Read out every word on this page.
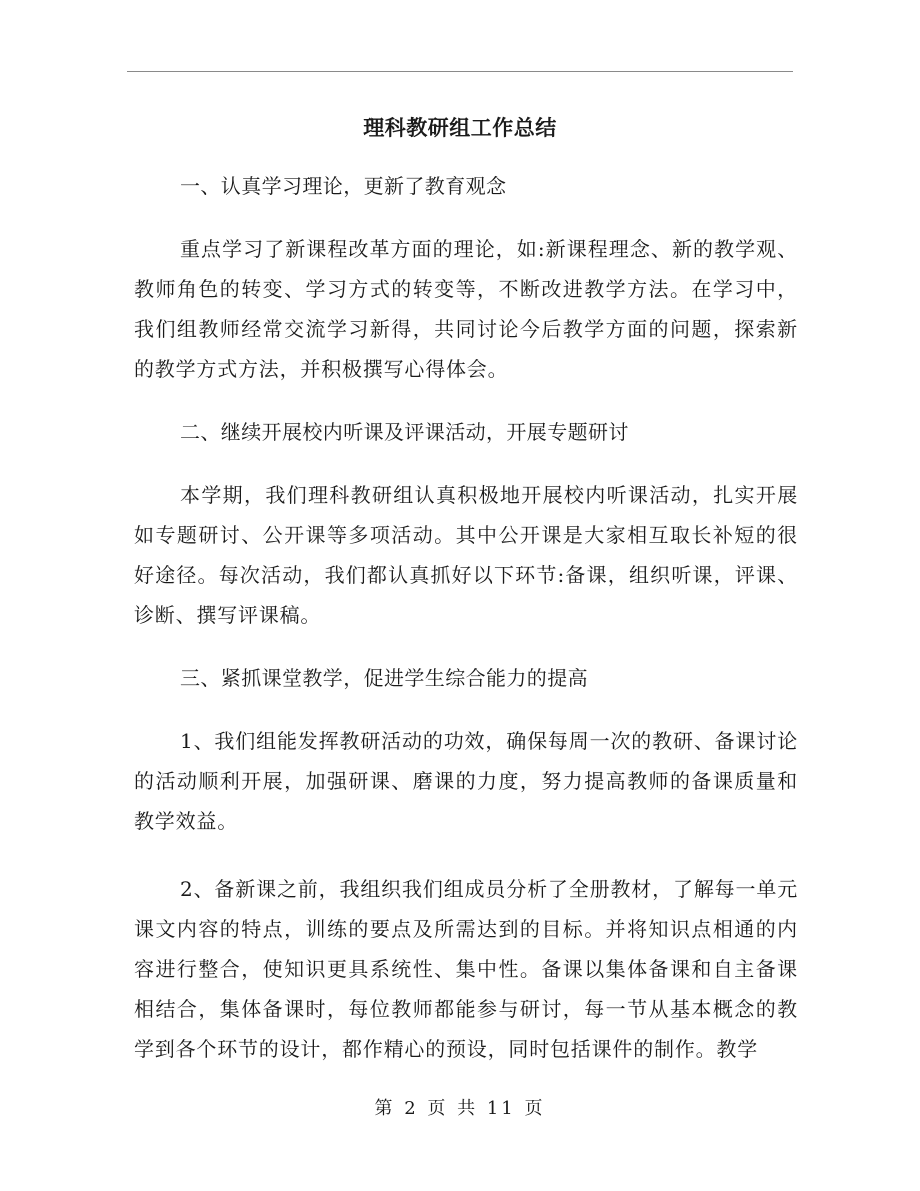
理科教研组工作总结

一、认真学习理论，更新了教育观念

重点学习了新课程改革方面的理论，如:新课程理念、新的教学观、教师角色的转变、学习方式的转变等，不断改进教学方法。在学习中，我们组教师经常交流学习新得，共同讨论今后教学方面的问题，探索新的教学方式方法，并积极撰写心得体会。

二、继续开展校内听课及评课活动，开展专题研讨

本学期，我们理科教研组认真积极地开展校内听课活动，扎实开展如专题研讨、公开课等多项活动。其中公开课是大家相互取长补短的很好途径。每次活动，我们都认真抓好以下环节:备课，组织听课，评课、诊断、撰写评课稿。

三、紧抓课堂教学，促进学生综合能力的提高

1、我们组能发挥教研活动的功效，确保每周一次的教研、备课讨论的活动顺利开展，加强研课、磨课的力度，努力提高教师的备课质量和教学效益。

2、备新课之前，我组织我们组成员分析了全册教材，了解每一单元课文内容的特点，训练的要点及所需达到的目标。并将知识点相通的内容进行整合，使知识更具系统性、集中性。备课以集体备课和自主备课相结合，集体备课时，每位教师都能参与研讨，每一节从基本概念的教学到各个环节的设计，都作精心的预设，同时包括课件的制作。教学

第 2 页 共 11 页
